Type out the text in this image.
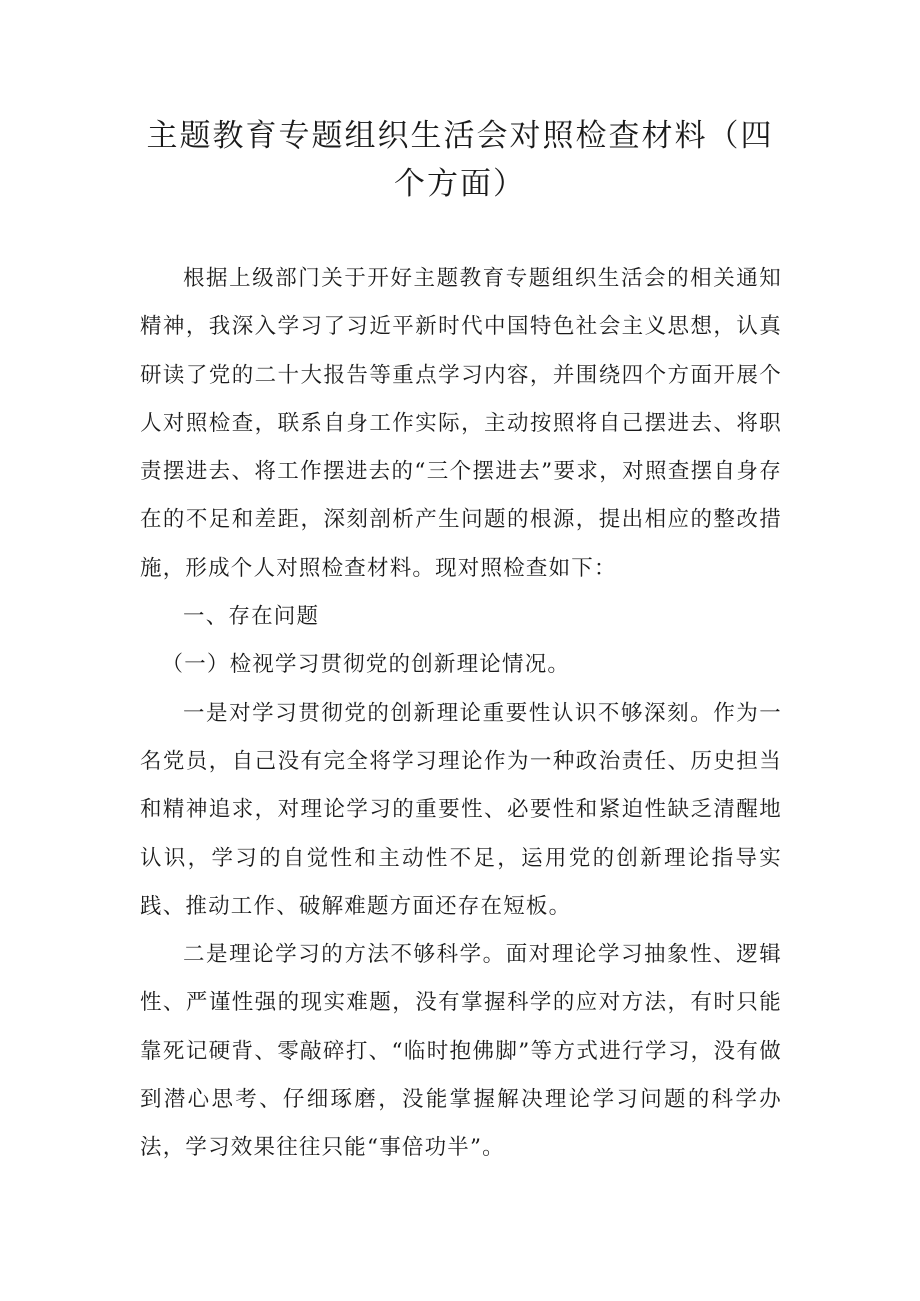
主题教育专题组织生活会对照检查材料（四个方面）

根据上级部门关于开好主题教育专题组织生活会的相关通知精神，我深入学习了习近平新时代中国特色社会主义思想，认真研读了党的二十大报告等重点学习内容，并围绕四个方面开展个人对照检查，联系自身工作实际，主动按照将自己摆进去、将职责摆进去、将工作摆进去的“三个摆进去”要求，对照查摆自身存在的不足和差距，深刻剖析产生问题的根源，提出相应的整改措施，形成个人对照检查材料。现对照检查如下：

一、存在问题

（一）检视学习贯彻党的创新理论情况。

一是对学习贯彻党的创新理论重要性认识不够深刻。作为一名党员，自己没有完全将学习理论作为一种政治责任、历史担当和精神追求，对理论学习的重要性、必要性和紧迫性缺乏清醒地认识，学习的自觉性和主动性不足，运用党的创新理论指导实践、推动工作、破解难题方面还存在短板。

二是理论学习的方法不够科学。面对理论学习抽象性、逻辑性、严谨性强的现实难题，没有掌握科学的应对方法，有时只能靠死记硬背、零敲碎打、“临时抱佛脚”等方式进行学习，没有做到潜心思考、仔细琢磨，没能掌握解决理论学习问题的科学办法，学习效果往往只能“事倍功半”。
